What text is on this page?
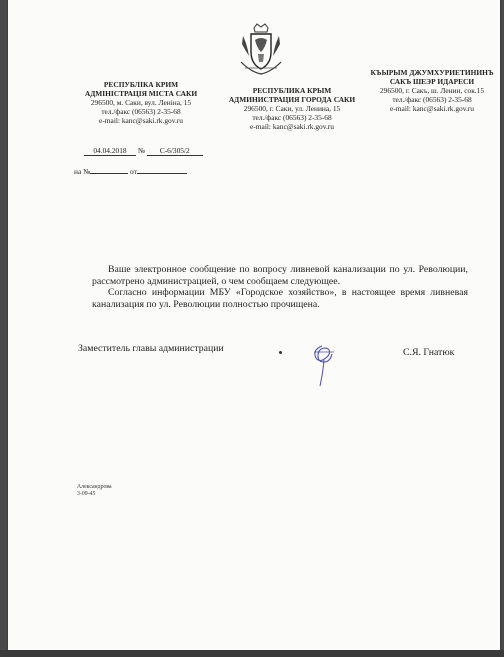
РЕСПУБЛІКА КРИМ
АДМІНІСТРАЦІЯ МІСТА САКИ
296500, м. Саки, вул. Леніна, 15
тел./факс (06563) 2-35-68
e-mail: kanc@saki.rk.gov.ru
РЕСПУБЛИКА КРЫМ
АДМИНИСТРАЦИЯ ГОРОДА САКИ
296500, г. Саки, ул. Ленина, 15
тел./факс (06563) 2-35-68
e-mail: kanc@saki.rk.gov.ru
КЪЫРЫМ ДЖУМХУРИЕТИНИНЪ
САКЪ ШЕЭР ИДАРЕСИ
296500, г. Сакъ, ш. Ленин, сок.15
тел./факс (06563) 2-35-68
e-mail: kanc@saki.rk.gov.ru
04.04.2018 № С-6/305/2
на №	от

Ваше электронное сообщение по вопросу ливневой канализации по ул. Революции, рассмотрено администрацией, о чем сообщаем следующее.

Согласно информации МБУ «Городское хозяйство», в настоящее время ливневая канализация по ул. Революции полностью прочищена.

Заместитель главы администрации	С.Я. Гнатюк
Александрова
3-09-45
